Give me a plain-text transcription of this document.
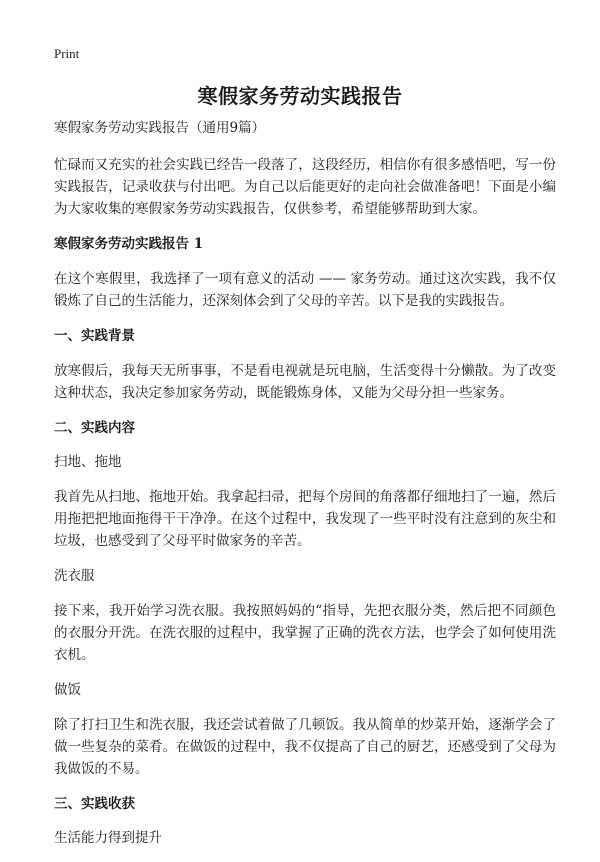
Print
寒假家务劳动实践报告

寒假家务劳动实践报告（通用9篇）

忙碌而又充实的社会实践已经告一段落了，这段经历，相信你有很多感悟吧，写一份实践报告，记录收获与付出吧。为自己以后能更好的走向社会做准备吧！下面是小编为大家收集的寒假家务劳动实践报告，仅供参考，希望能够帮助到大家。

寒假家务劳动实践报告 1

在这个寒假里，我选择了一项有意义的活动 —— 家务劳动。通过这次实践，我不仅锻炼了自己的生活能力，还深刻体会到了父母的辛苦。以下是我的实践报告。

一、实践背景

放寒假后，我每天无所事事，不是看电视就是玩电脑，生活变得十分懒散。为了改变这种状态，我决定参加家务劳动，既能锻炼身体，又能为父母分担一些家务。

二、实践内容

扫地、拖地

我首先从扫地、拖地开始。我拿起扫帚，把每个房间的角落都仔细地扫了一遍，然后用拖把把地面拖得干干净净。在这个过程中，我发现了一些平时没有注意到的灰尘和垃圾，也感受到了父母平时做家务的辛苦。

洗衣服

接下来，我开始学习洗衣服。我按照妈妈的“指导，先把衣服分类，然后把不同颜色的衣服分开洗。在洗衣服的过程中，我掌握了正确的洗衣方法，也学会了如何使用洗衣机。

做饭

除了打扫卫生和洗衣服，我还尝试着做了几顿饭。我从简单的炒菜开始，逐渐学会了做一些复杂的菜肴。在做饭的过程中，我不仅提高了自己的厨艺，还感受到了父母为我做饭的不易。

三、实践收获

生活能力得到提升
